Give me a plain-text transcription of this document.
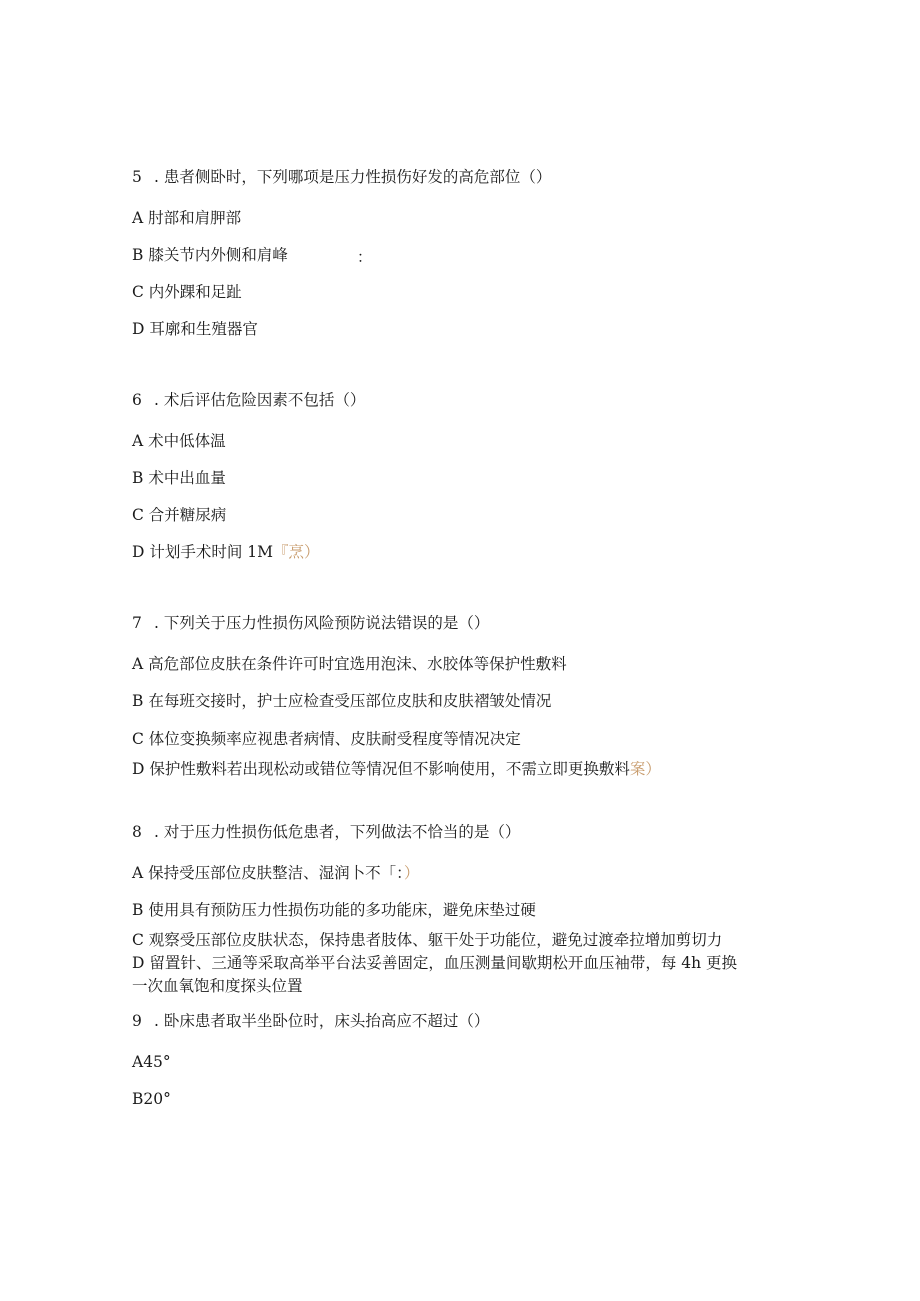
5 . 患者侧卧时，下列哪项是压力性损伤好发的高危部位（）
A 肘部和肩胛部
B 膝关节内外侧和肩峰	：
C 内外踝和足趾
D 耳廓和生殖器官
6 . 术后评估危险因素不包括（）
A 术中低体温
B 术中出血量
C 合并糖尿病
D 计划手术时间 1M『烹）
7 . 下列关于压力性损伤风险预防说法错误的是（）
A 高危部位皮肤在条件许可时宜选用泡沫、水胶体等保护性敷料
B 在每班交接时，护士应检查受压部位皮肤和皮肤褶皱处情况
C 体位变换频率应视患者病情、皮肤耐受程度等情况决定
D 保护性敷料若出现松动或错位等情况但不影响使用，不需立即更换敷料案）
8 . 对于压力性损伤低危患者，下列做法不恰当的是（）
A 保持受压部位皮肤整洁、湿润卜不「：）
B 使用具有预防压力性损伤功能的多功能床，避免床垫过硬
C 观察受压部位皮肤状态，保持患者肢体、躯干处于功能位，避免过渡牵拉增加剪切力
D 留置针、三通等采取高举平台法妥善固定，血压测量间歇期松开血压袖带，每 4h 更换
一次血氧饱和度探头位置
9 . 卧床患者取半坐卧位时，床头抬高应不超过（）
A45°
B20°
